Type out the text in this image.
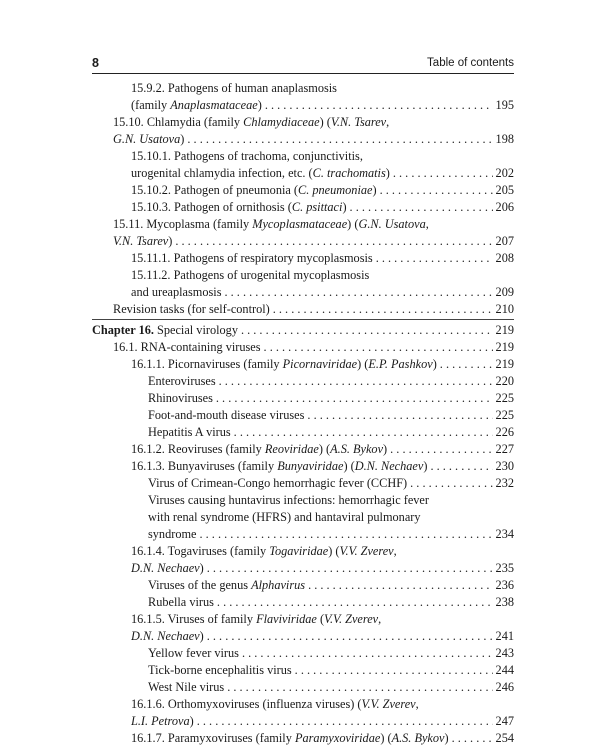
8	Table of contents
15.9.2. Pathogens of human anaplasmosis
(family Anaplasmataceae) . . .	195
15.10. Chlamydia (family Chlamydiaceae) (V.N. Tsarev,
G.N. Usatova) . . .	198
15.10.1. Pathogens of trachoma, conjunctivitis,
urogenital chlamydia infection, etc. (C. trachomatis) . . .	202
15.10.2. Pathogen of pneumonia (C. pneumoniae) . . .	205
15.10.3. Pathogen of ornithosis (C. psittaci) . . .	206
15.11. Mycoplasma (family Mycoplasmataceae) (G.N. Usatova,
V.N. Tsarev) . . .	207
15.11.1. Pathogens of respiratory mycoplasmosis . . .	208
15.11.2. Pathogens of urogenital mycoplasmosis
and ureaplasmosis . . .	209
Revision tasks (for self-control) . . .	210
Chapter 16. Special virology . . .	219
16.1. RNA-containing viruses . . .	219
16.1.1. Picornaviruses (family Picornaviridae) (E.P. Pashkov) . . .	219
Enteroviruses . . .	220
Rhinoviruses . . .	225
Foot-and-mouth disease viruses . . .	225
Hepatitis A virus . . .	226
16.1.2. Reoviruses (family Reoviridae) (A.S. Bykov) . . .	227
16.1.3. Bunyaviruses (family Bunyaviridae) (D.N. Nechaev) . . .	230
Virus of Crimean-Congo hemorrhagic fever (CCHF) . . .	232
Viruses causing huntavirus infections: hemorrhagic fever
with renal syndrome (HFRS) and hantaviral pulmonary
syndrome . . .	234
16.1.4. Togaviruses (family Togaviridae) (V.V. Zverev,
D.N. Nechaev) . . .	235
Viruses of the genus Alphavirus . . .	236
Rubella virus . . .	238
16.1.5. Viruses of family Flaviviridae (V.V. Zverev,
D.N. Nechaev) . . .	241
Yellow fever virus . . .	243
Tick-borne encephalitis virus . . .	244
West Nile virus . . .	246
16.1.6. Orthomyxoviruses (influenza viruses) (V.V. Zverev,
L.I. Petrova) . . .	247
16.1.7. Paramyxoviruses (family Paramyxoviridae) (A.S. Bykov) . . .	254
